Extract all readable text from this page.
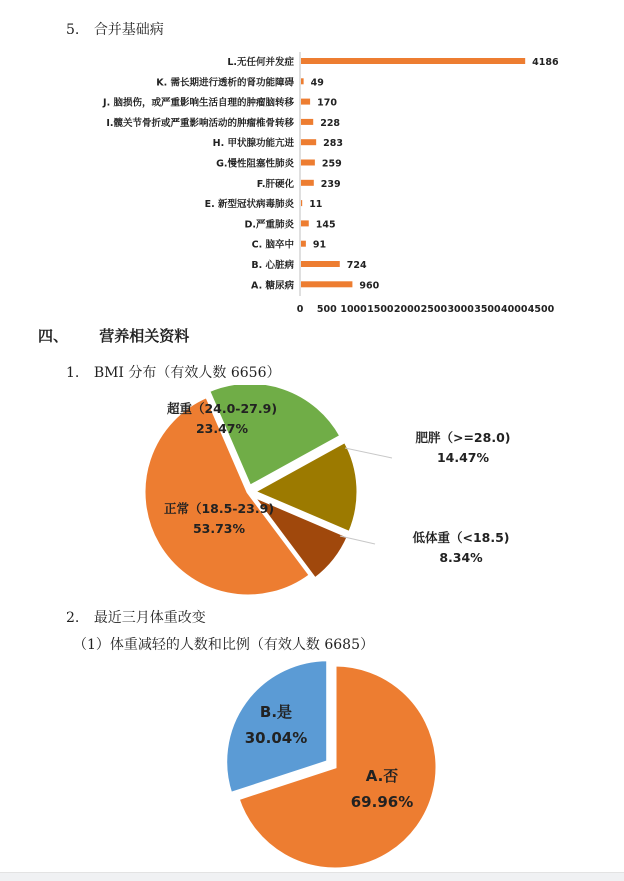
5. 合并基础病
L.无任何并发症	4186
K. 需长期进行透析的肾功能障碍 49
J. 脑损伤，或严重影响生活自理的肿瘤脑转移 170
I.髋关节骨折或严重影响活动的肿瘤椎骨转移	228
H. 甲状腺功能亢进	283
G.慢性阻塞性肺炎	259
F.肝硬化	239
E. 新型冠状病毒肺炎 11
D.严重肺炎 145
C. 脑卒中 91
B. 心脏病	724
A. 糖尿病	960
0 500 1000 1500 2000 2500 3000 3500 4000 4500
四、 营养相关资料
1. BMI 分布（有效人数 6656）
超重（24.0-27.9)
23.47%
肥胖（>=28.0)
14.47%
低体重（<18.5)
8.34%
正常（18.5-23.9)
53.73%
2. 最近三月体重改变
（1）体重减轻的人数和比例（有效人数 6685）
A.否
69.96%
B.是
30.04%
